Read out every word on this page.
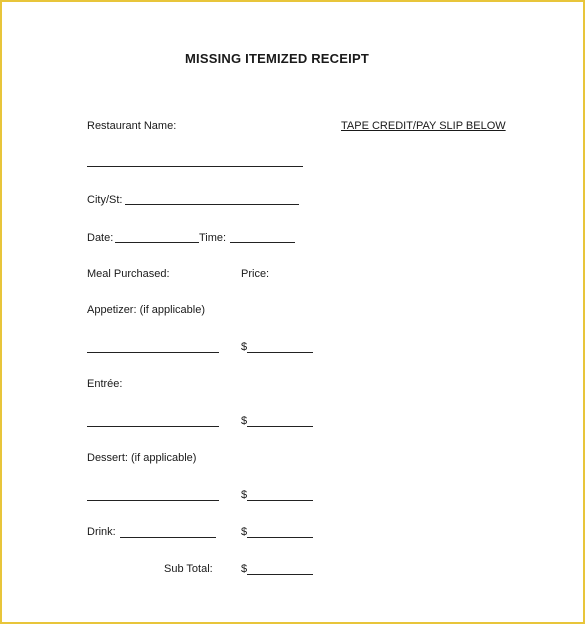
MISSING ITEMIZED RECEIPT
Restaurant Name:	TAPE CREDIT/PAY SLIP BELOW
City/St:
Date:	Time:
Meal Purchased:	Price:
Appetizer: (if applicable)
$
Entrée:
$
Dessert: (if applicable)
$
Drink:	$
Sub Total:	$
